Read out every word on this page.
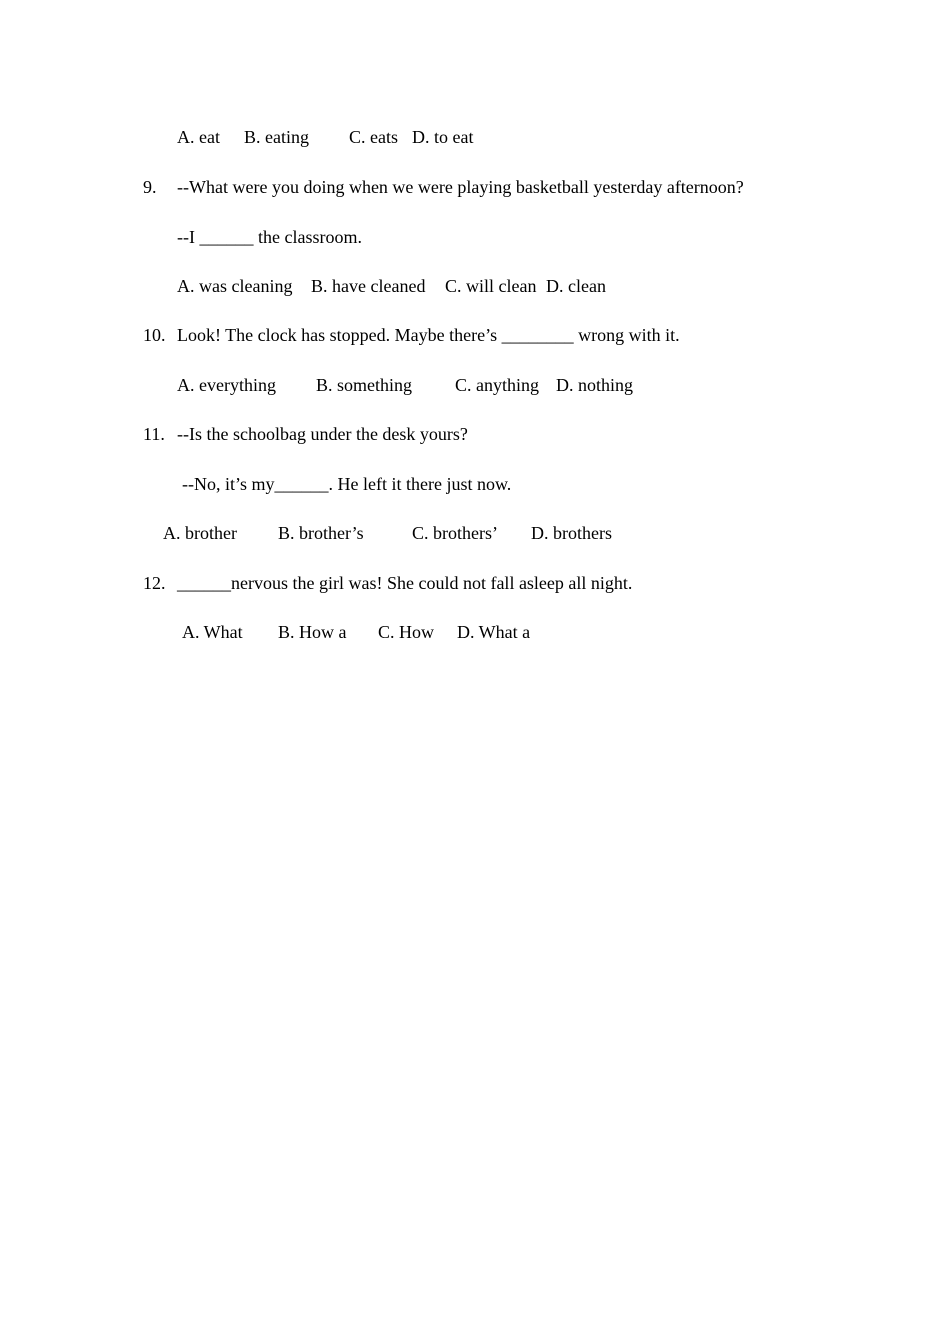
A. eat B. eating C. eats D. to eat
9. --What were you doing when we were playing basketball yesterday afternoon?
--I ______ the classroom.
A. was cleaning B. have cleaned C. will clean D. clean
10. Look! The clock has stopped. Maybe there’s ________ wrong with it.
A. everything B. something C. anything D. nothing
11. --Is the schoolbag under the desk yours?
--No, it’s my______. He left it there just now.
A. brother B. brother’s	C. brothers’ D. brothers
12. ______nervous the girl was! She could not fall asleep all night.
A. What B. How a C. How D. What a
